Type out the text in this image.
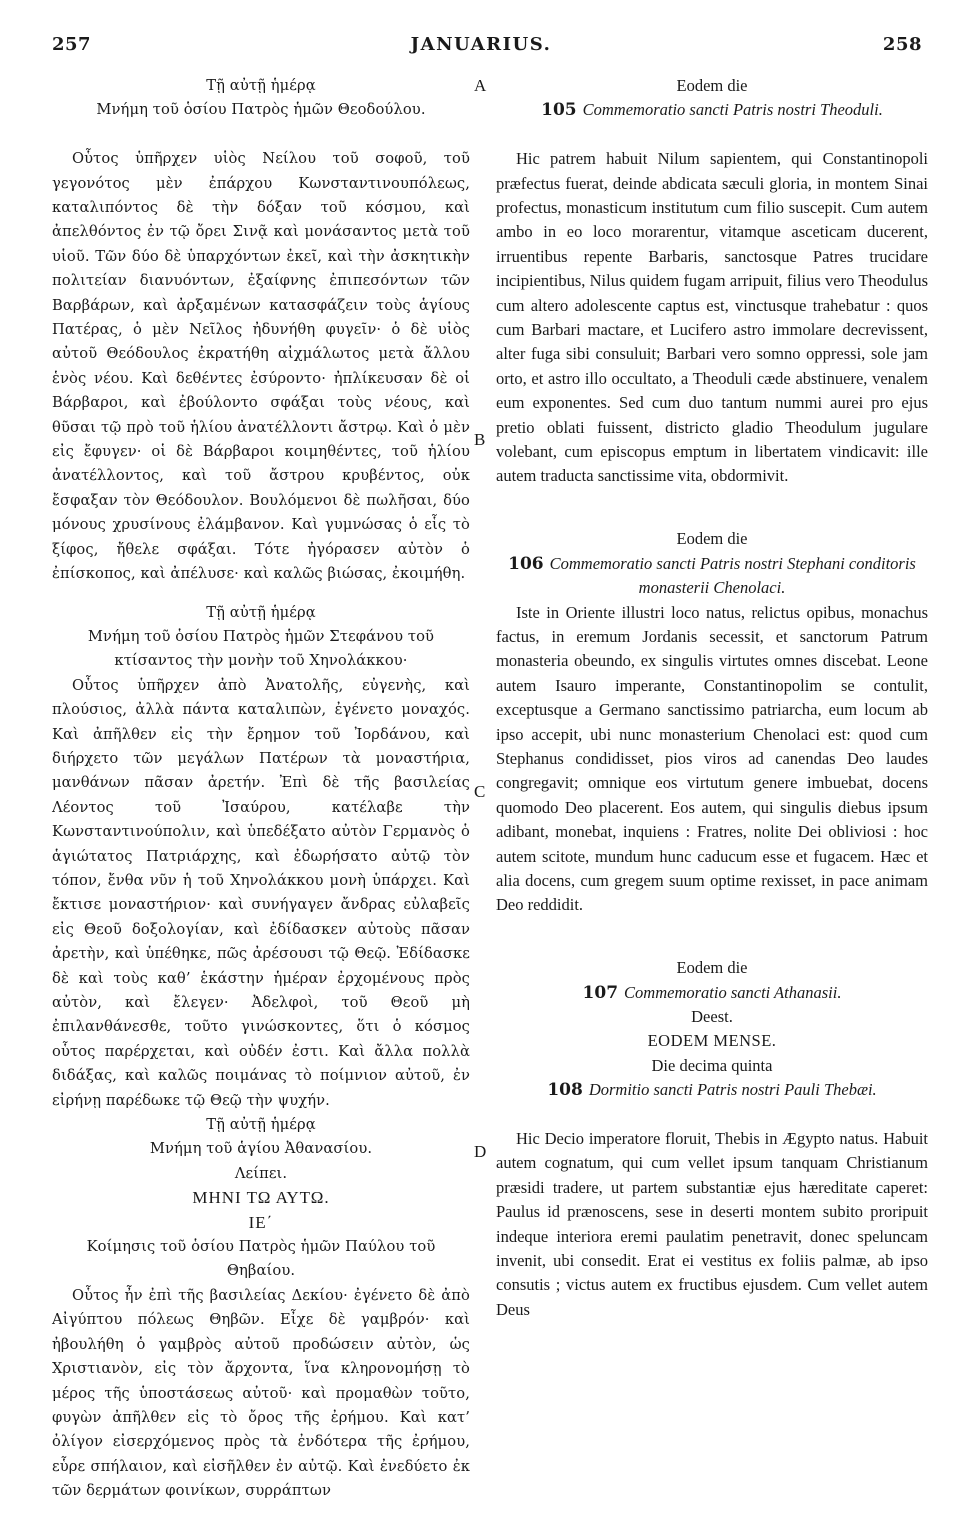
257	JANUARIUS.	258
A
B
C
D
Τῇ αὐτῇ ἡμέρᾳ
Μνήμη τοῦ ὁσίου Πατρὸς ἡμῶν Θεοδούλου.
Οὗτος ὑπῆρχεν υἱὸς Νείλου τοῦ σοφοῦ, τοῦ γεγονότος μὲν ἐπάρχου Κωνσταντινουπόλεως, καταλιπόντος δὲ τὴν δόξαν τοῦ κόσμου, καὶ ἀπελθόντος ἐν τῷ ὄρει Σινᾷ καὶ μονάσαντος μετὰ τοῦ υἱοῦ. Τῶν δύο δὲ ὑπαρχόντων ἐκεῖ, καὶ τὴν ἀσκητικὴν πολιτείαν διανυόντων, ἐξαίφνης ἐπιπεσόντων τῶν Βαρβάρων, καὶ ἀρξαμένων κατασφάζειν τοὺς ἁγίους Πατέρας, ὁ μὲν Νεῖλος ἠδυνήθη φυγεῖν· ὁ δὲ υἱὸς αὐτοῦ Θεόδουλος ἐκρατήθη αἰχμάλωτος μετὰ ἄλλου ἑνὸς νέου. Καὶ δεθέντες ἐσύροντο· ἠπλίκευσαν δὲ οἱ Βάρβαροι, καὶ ἐβούλοντο σφάξαι τοὺς νέους, καὶ θῦσαι τῷ πρὸ τοῦ ἡλίου ἀνατέλλοντι ἄστρῳ. Καὶ ὁ μὲν εἰς ἔφυγεν· οἱ δὲ Βάρβαροι κοιμηθέντες, τοῦ ἡλίου ἀνατέλλοντος, καὶ τοῦ ἄστρου κρυβέντος, οὐκ ἔσφαξαν τὸν Θεόδουλον. Βουλόμενοι δὲ πωλῆσαι, δύο μόνους χρυσίνους ἐλάμβανον. Καὶ γυμνώσας ὁ εἷς τὸ ξίφος, ἤθελε σφάξαι. Τότε ἠγόρασεν αὐτὸν ὁ ἐπίσκοπος, καὶ ἀπέλυσε· καὶ καλῶς βιώσας, ἐκοιμήθη.
Τῇ αὐτῇ ἡμέρᾳ
Μνήμη τοῦ ὁσίου Πατρὸς ἡμῶν Στεφάνου τοῦ κτίσαντος τὴν μονὴν τοῦ Χηνολάκκου·
Οὗτος ὑπῆρχεν ἀπὸ Ἀνατολῆς, εὐγενὴς, καὶ πλούσιος, ἀλλὰ πάντα καταλιπὼν, ἐγένετο μοναχός. Καὶ ἀπῆλθεν εἰς τὴν ἔρημον τοῦ Ἰορδάνου, καὶ διήρχετο τῶν μεγάλων Πατέρων τὰ μοναστήρια, μανθάνων πᾶσαν ἀρετήν. Ἐπὶ δὲ τῆς βασιλείας Λέοντος τοῦ Ἰσαύρου, κατέλαβε τὴν Κωνσταντινούπολιν, καὶ ὑπεδέξατο αὐτὸν Γερμανὸς ὁ ἁγιώτατος Πατριάρχης, καὶ ἐδωρήσατο αὐτῷ τὸν τόπον, ἔνθα νῦν ἡ τοῦ Χηνολάκκου μονὴ ὑπάρχει. Καὶ ἔκτισε μοναστήριον· καὶ συνήγαγεν ἄνδρας εὐλαβεῖς εἰς Θεοῦ δοξολογίαν, καὶ ἐδίδασκεν αὐτοὺς πᾶσαν ἀρετὴν, καὶ ὑπέθηκε, πῶς ἀρέσουσι τῷ Θεῷ. Ἐδίδασκε δὲ καὶ τοὺς καθ’ ἑκάστην ἡμέραν ἐρχομένους πρὸς αὐτὸν, καὶ ἔλεγεν· Ἀδελφοὶ, τοῦ Θεοῦ μὴ ἐπιλανθάνεσθε, τοῦτο γινώσκοντες, ὅτι ὁ κόσμος οὗτος παρέρχεται, καὶ οὐδέν ἐστι. Καὶ ἄλλα πολλὰ διδάξας, καὶ καλῶς ποιμάνας τὸ ποίμνιον αὐτοῦ, ἐν εἰρήνῃ παρέδωκε τῷ Θεῷ τὴν ψυχήν.
Τῇ αὐτῇ ἡμέρᾳ
Μνήμη τοῦ ἁγίου Ἀθανασίου.
Λείπει.
ΜΗΝΙ ΤΩ ΑΥΤΩ.
ΙΕ΄
Κοίμησις τοῦ ὁσίου Πατρὸς ἡμῶν Παύλου τοῦ Θηβαίου.
Οὗτος ἦν ἐπὶ τῆς βασιλείας Δεκίου· ἐγένετο δὲ ἀπὸ Αἰγύπτου πόλεως Θηβῶν. Εἶχε δὲ γαμβρόν· καὶ ἠβουλήθη ὁ γαμβρὸς αὐτοῦ προδώσειν αὐτὸν, ὡς Χριστιανὸν, εἰς τὸν ἄρχοντα, ἵνα κληρονομήσῃ τὸ μέρος τῆς ὑποστάσεως αὐτοῦ· καὶ προμαθὼν τοῦτο, φυγὼν ἀπῆλθεν εἰς τὸ ὄρος τῆς ἐρήμου. Καὶ κατ’ ὀλίγον εἰσερχόμενος πρὸς τὰ ἐνδότερα τῆς ἐρήμου, εὗρε σπήλαιον, καὶ εἰσῆλθεν ἐν αὐτῷ. Καὶ ἐνεδύετο ἐκ τῶν δερμάτων φοινίκων, συρράπτων
Eodem die
105 Commemoratio sancti Patris nostri Theoduli.
Hic patrem habuit Nilum sapientem, qui Constantinopoli præfectus fuerat, deinde abdicata sæculi gloria, in montem Sinai profectus, monasticum institutum cum filio suscepit. Cum autem ambo in eo loco morarentur, vitamque asceticam ducerent, irruentibus repente Barbaris, sanctosque Patres trucidare incipientibus, Nilus quidem fugam arripuit, filius vero Theodulus cum altero adolescente captus est, vinctusque trahebatur : quos cum Barbari mactare, et Lucifero astro immolare decrevissent, alter fuga sibi consuluit; Barbari vero somno oppressi, sole jam orto, et astro illo occultato, a Theoduli cæde abstinuere, venalem eum exponentes. Sed cum duo tantum nummi aurei pro ejus pretio oblati fuissent, districto gladio Theodulum jugulare volebant, cum episcopus emptum in libertatem vindicavit: ille autem traducta sanctissime vita, obdormivit.
Eodem die
106 Commemoratio sancti Patris nostri Stephani conditoris monasterii Chenolaci.
Iste in Oriente illustri loco natus, relictus opibus, monachus factus, in eremum Jordanis secessit, et sanctorum Patrum monasteria obeundo, ex singulis virtutes omnes discebat. Leone autem Isauro imperante, Constantinopolim se contulit, exceptusque a Germano sanctissimo patriarcha, eum locum ab ipso accepit, ubi nunc monasterium Chenolaci est: quod cum Stephanus condidisset, pios viros ad canendas Deo laudes congregavit; omnique eos virtutum genere imbuebat, docens quomodo Deo placerent. Eos autem, qui singulis diebus ipsum adibant, monebat, inquiens : Fratres, nolite Dei obliviosi : hoc autem scitote, mundum hunc caducum esse et fugacem. Hæc et alia docens, cum gregem suum optime rexisset, in pace animam Deo reddidit.
Eodem die
107 Commemoratio sancti Athanasii.
Deest.
EODEM MENSE.
Die decima quinta
108 Dormitio sancti Patris nostri Pauli Thebæi.
Hic Decio imperatore floruit, Thebis in Ægypto natus. Habuit autem cognatum, qui cum vellet ipsum tanquam Christianum præsidi tradere, ut partem substantiæ ejus hæreditate caperet: Paulus id prænoscens, sese in deserti montem subito proripuit indeque interiora eremi paulatim penetravit, donec speluncam invenit, ubi consedit. Erat ei vestitus ex foliis palmæ, ab ipso consutis ; victus autem ex fructibus ejusdem. Cum vellet autem Deus
